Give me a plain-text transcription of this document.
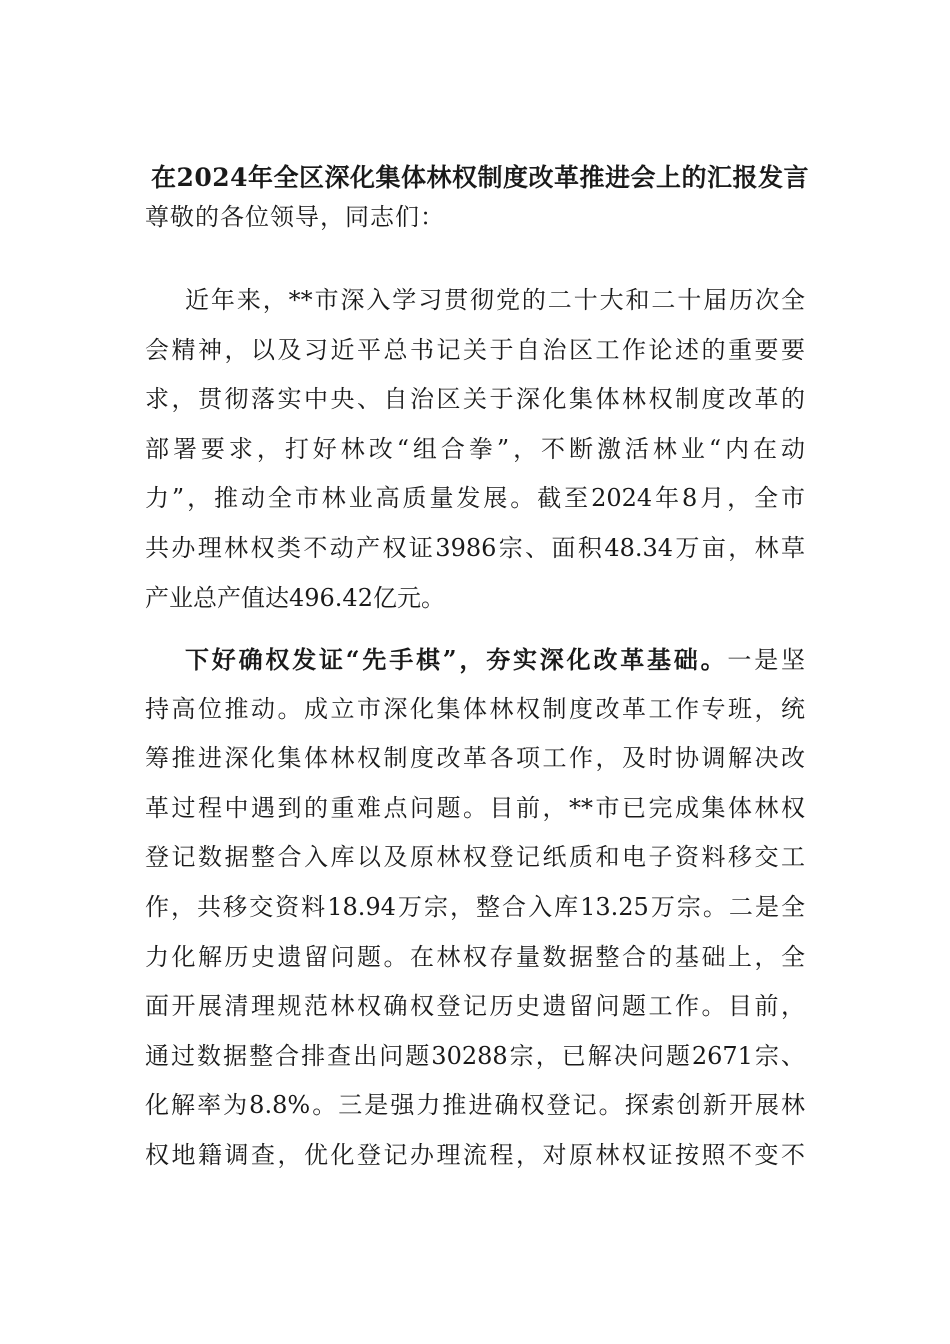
在2024年全区深化集体林权制度改革推进会上的汇报发言
尊敬的各位领导，同志们：
近年来，**市深入学习贯彻党的二十大和二十届历次全
会精神，以及习近平总书记关于自治区工作论述的重要要
求，贯彻落实中央、自治区关于深化集体林权制度改革的
部署要求，打好林改“组合拳”，不断激活林业“内在动
力”，推动全市林业高质量发展。截至2024年8月，全市
共办理林权类不动产权证3986宗、面积48.34万亩，林草
产业总产值达496.42亿元。
下好确权发证“先手棋”，夯实深化改革基础。一是坚
持高位推动。成立市深化集体林权制度改革工作专班，统
筹推进深化集体林权制度改革各项工作，及时协调解决改
革过程中遇到的重难点问题。目前，**市已完成集体林权
登记数据整合入库以及原林权登记纸质和电子资料移交工
作，共移交资料18.94万宗，整合入库13.25万宗。二是全
力化解历史遗留问题。在林权存量数据整合的基础上，全
面开展清理规范林权确权登记历史遗留问题工作。目前，
通过数据整合排查出问题30288宗，已解决问题2671宗、
化解率为8.8%。三是强力推进确权登记。探索创新开展林
权地籍调查，优化登记办理流程，对原林权证按照不变不
